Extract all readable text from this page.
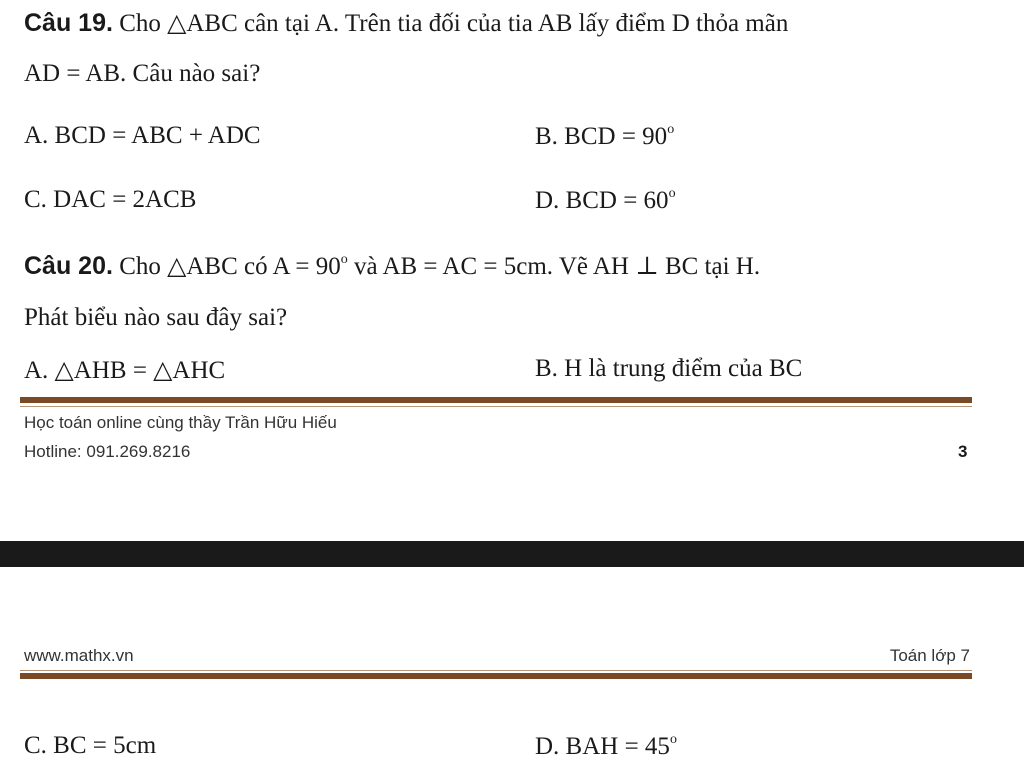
Câu 19. Cho △ABC cân tại A. Trên tia đối của tia AB lấy điểm D thỏa mãn
AD = AB. Câu nào sai?
A. BCD = ABC + ADC	B. BCD = $90^o$
C. DAC = 2ACB	D. BCD = $60^o$
Câu 20. Cho △ABC có $A = 90^o$ và AB = AC = 5cm. Vẽ AH ⊥ BC tại H.
Phát biểu nào sau đây sai?
A. △AHB = △AHC	B. H là trung điểm của BC
Học toán online cùng thầy Trần Hữu Hiếu
Hotline: 091.269.8216	3
www.mathx.vn	Toán lớp 7
C. BC = 5cm	D. BAH = $45^o$
